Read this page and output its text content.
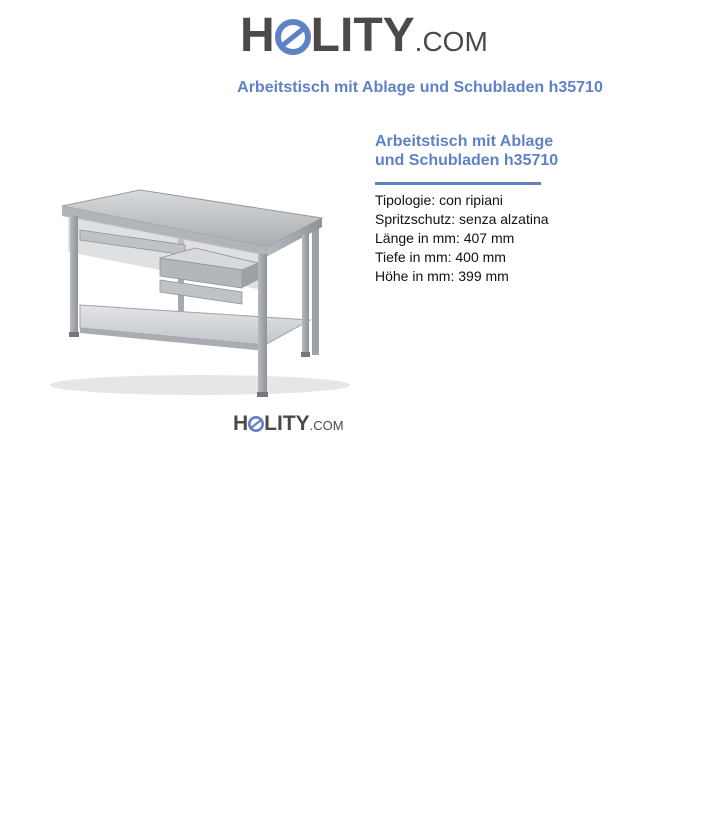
H LITY .COM
Arbeitstisch mit Ablage und Schubladen h35710
H LITY .COM
Arbeitstisch mit Ablage
und Schubladen h35710
Tipologie: con ripiani
Spritzschutz: senza alzatina
Länge in mm: 407 mm
Tiefe in mm: 400 mm
Höhe in mm: 399 mm
